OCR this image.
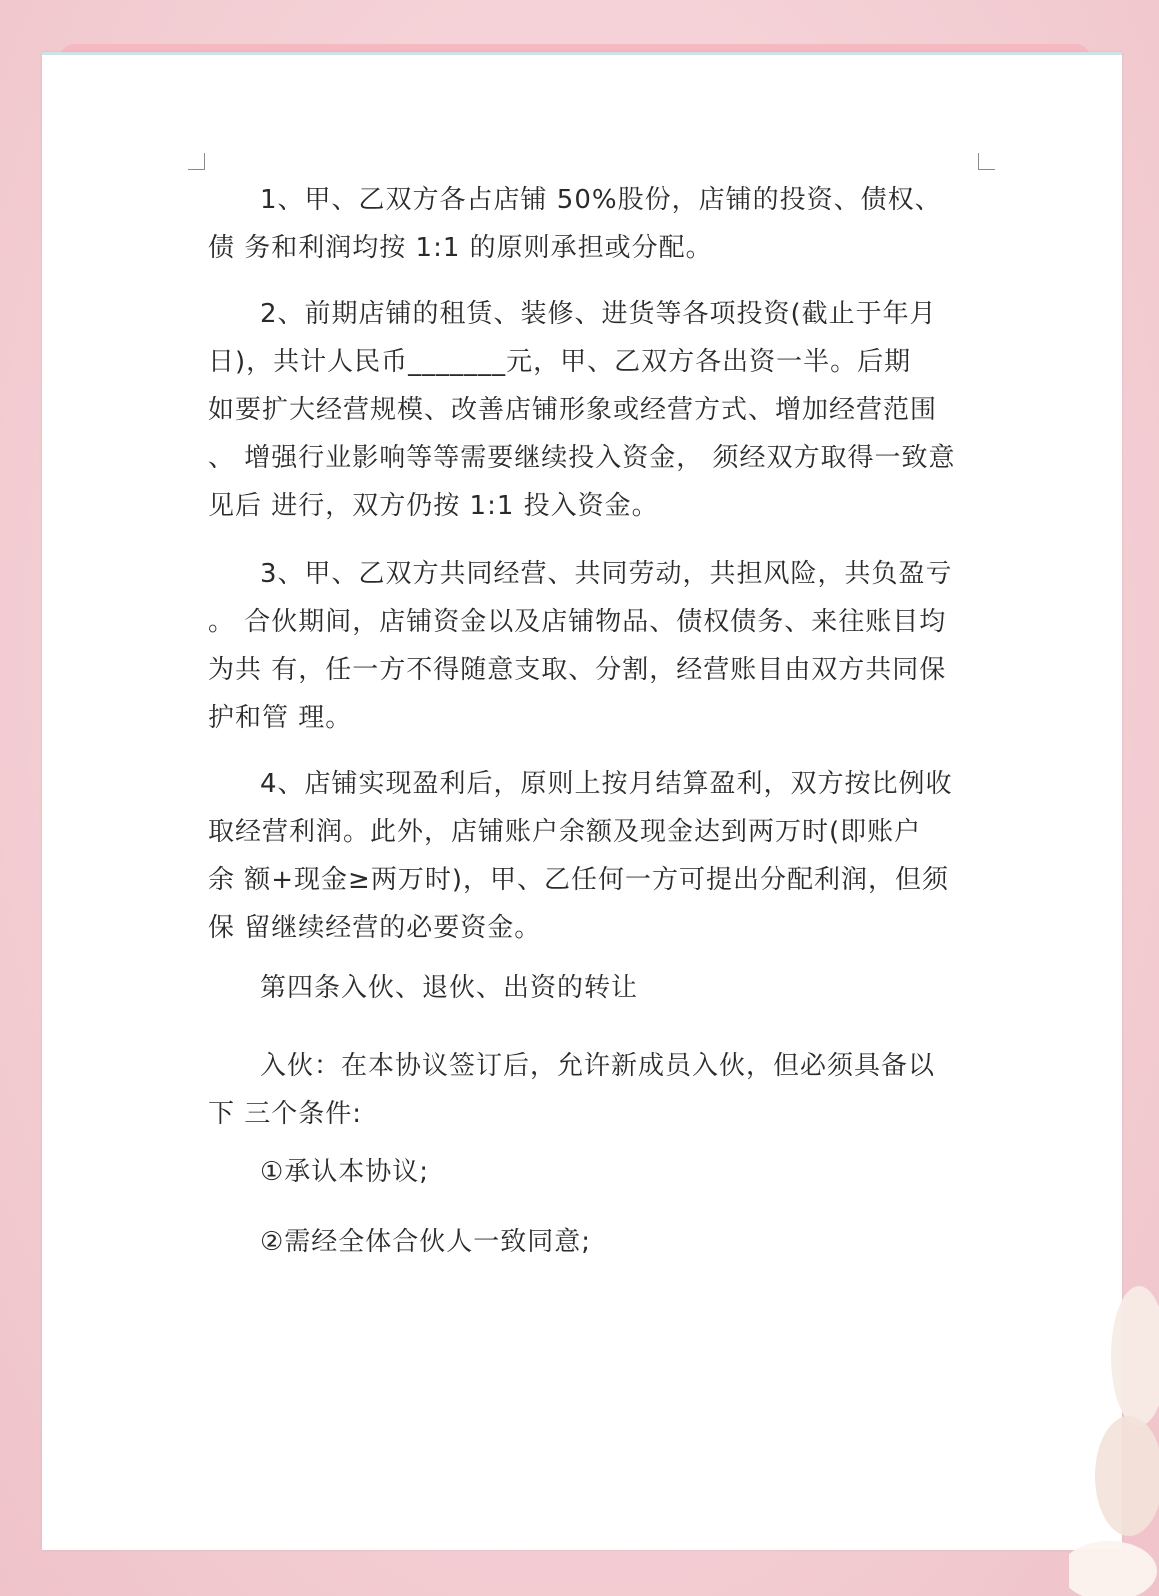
1、甲、乙双方各占店铺 50%股份，店铺的投资、债权、
债 务和利润均按 1:1 的原则承担或分配。
2、前期店铺的租赁、装修、进货等各项投资(截止于年月
日)，共计人民币_______元，甲、乙双方各出资一半。后期
如要扩大经营规模、改善店铺形象或经营方式、增加经营范围
、 增强行业影响等等需要继续投入资金， 须经双方取得一致意
见后 进行，双方仍按 1:1 投入资金。
3、甲、乙双方共同经营、共同劳动，共担风险，共负盈亏
。 合伙期间，店铺资金以及店铺物品、债权债务、来往账目均
为共 有，任一方不得随意支取、分割，经营账目由双方共同保
护和管 理。
4、店铺实现盈利后，原则上按月结算盈利，双方按比例收
取经营利润。此外，店铺账户余额及现金达到两万时(即账户
余 额+现金≥两万时)，甲、乙任何一方可提出分配利润，但须
保 留继续经营的必要资金。
第四条入伙、退伙、出资的转让
入伙：在本协议签订后，允许新成员入伙，但必须具备以
下 三个条件:
①承认本协议;
②需经全体合伙人一致同意;
